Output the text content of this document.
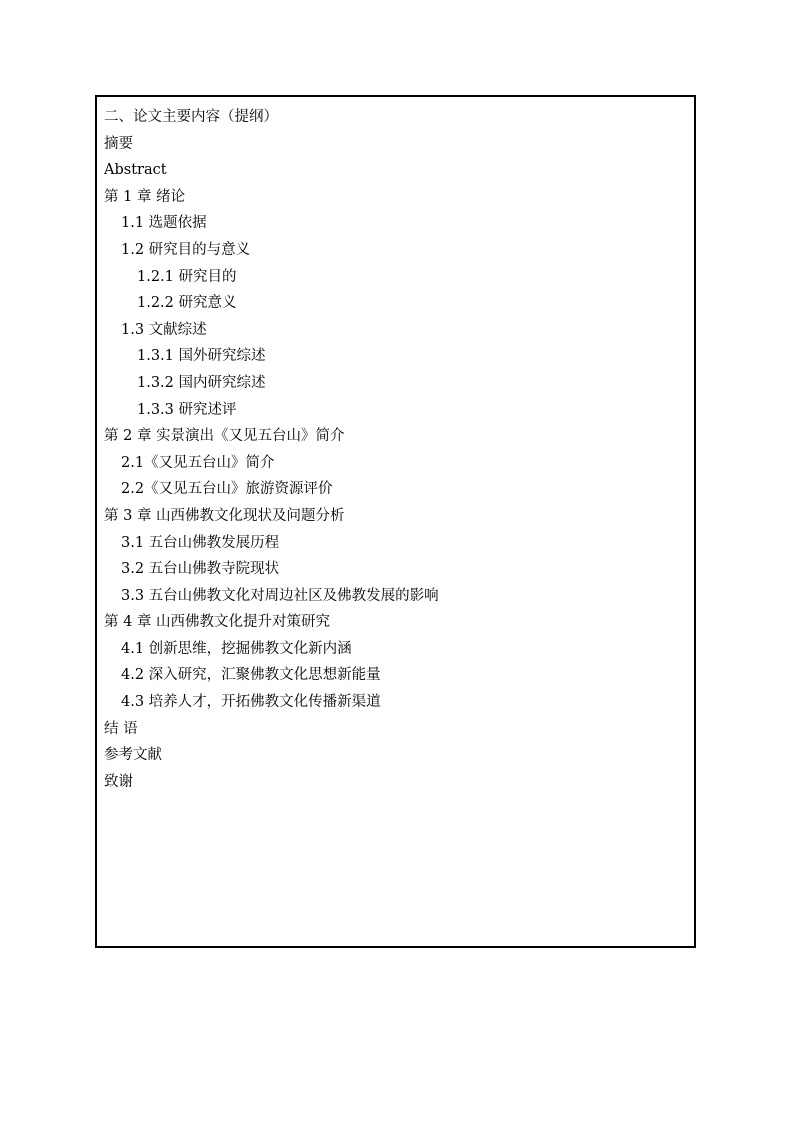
二、论文主要内容（提纲）
摘要
Abstract
第 1 章 绪论
1.1 选题依据
1.2 研究目的与意义
1.2.1 研究目的
1.2.2 研究意义
1.3 文献综述
1.3.1 国外研究综述
1.3.2 国内研究综述
1.3.3 研究述评
第 2 章 实景演出《又见五台山》简介
2.1《又见五台山》简介
2.2《又见五台山》旅游资源评价
第 3 章 山西佛教文化现状及问题分析
3.1 五台山佛教发展历程
3.2 五台山佛教寺院现状
3.3 五台山佛教文化对周边社区及佛教发展的影响
第 4 章 山西佛教文化提升对策研究
4.1 创新思维，挖掘佛教文化新内涵
4.2 深入研究，汇聚佛教文化思想新能量
4.3 培养人才，开拓佛教文化传播新渠道
结 语
参考文献
致谢
